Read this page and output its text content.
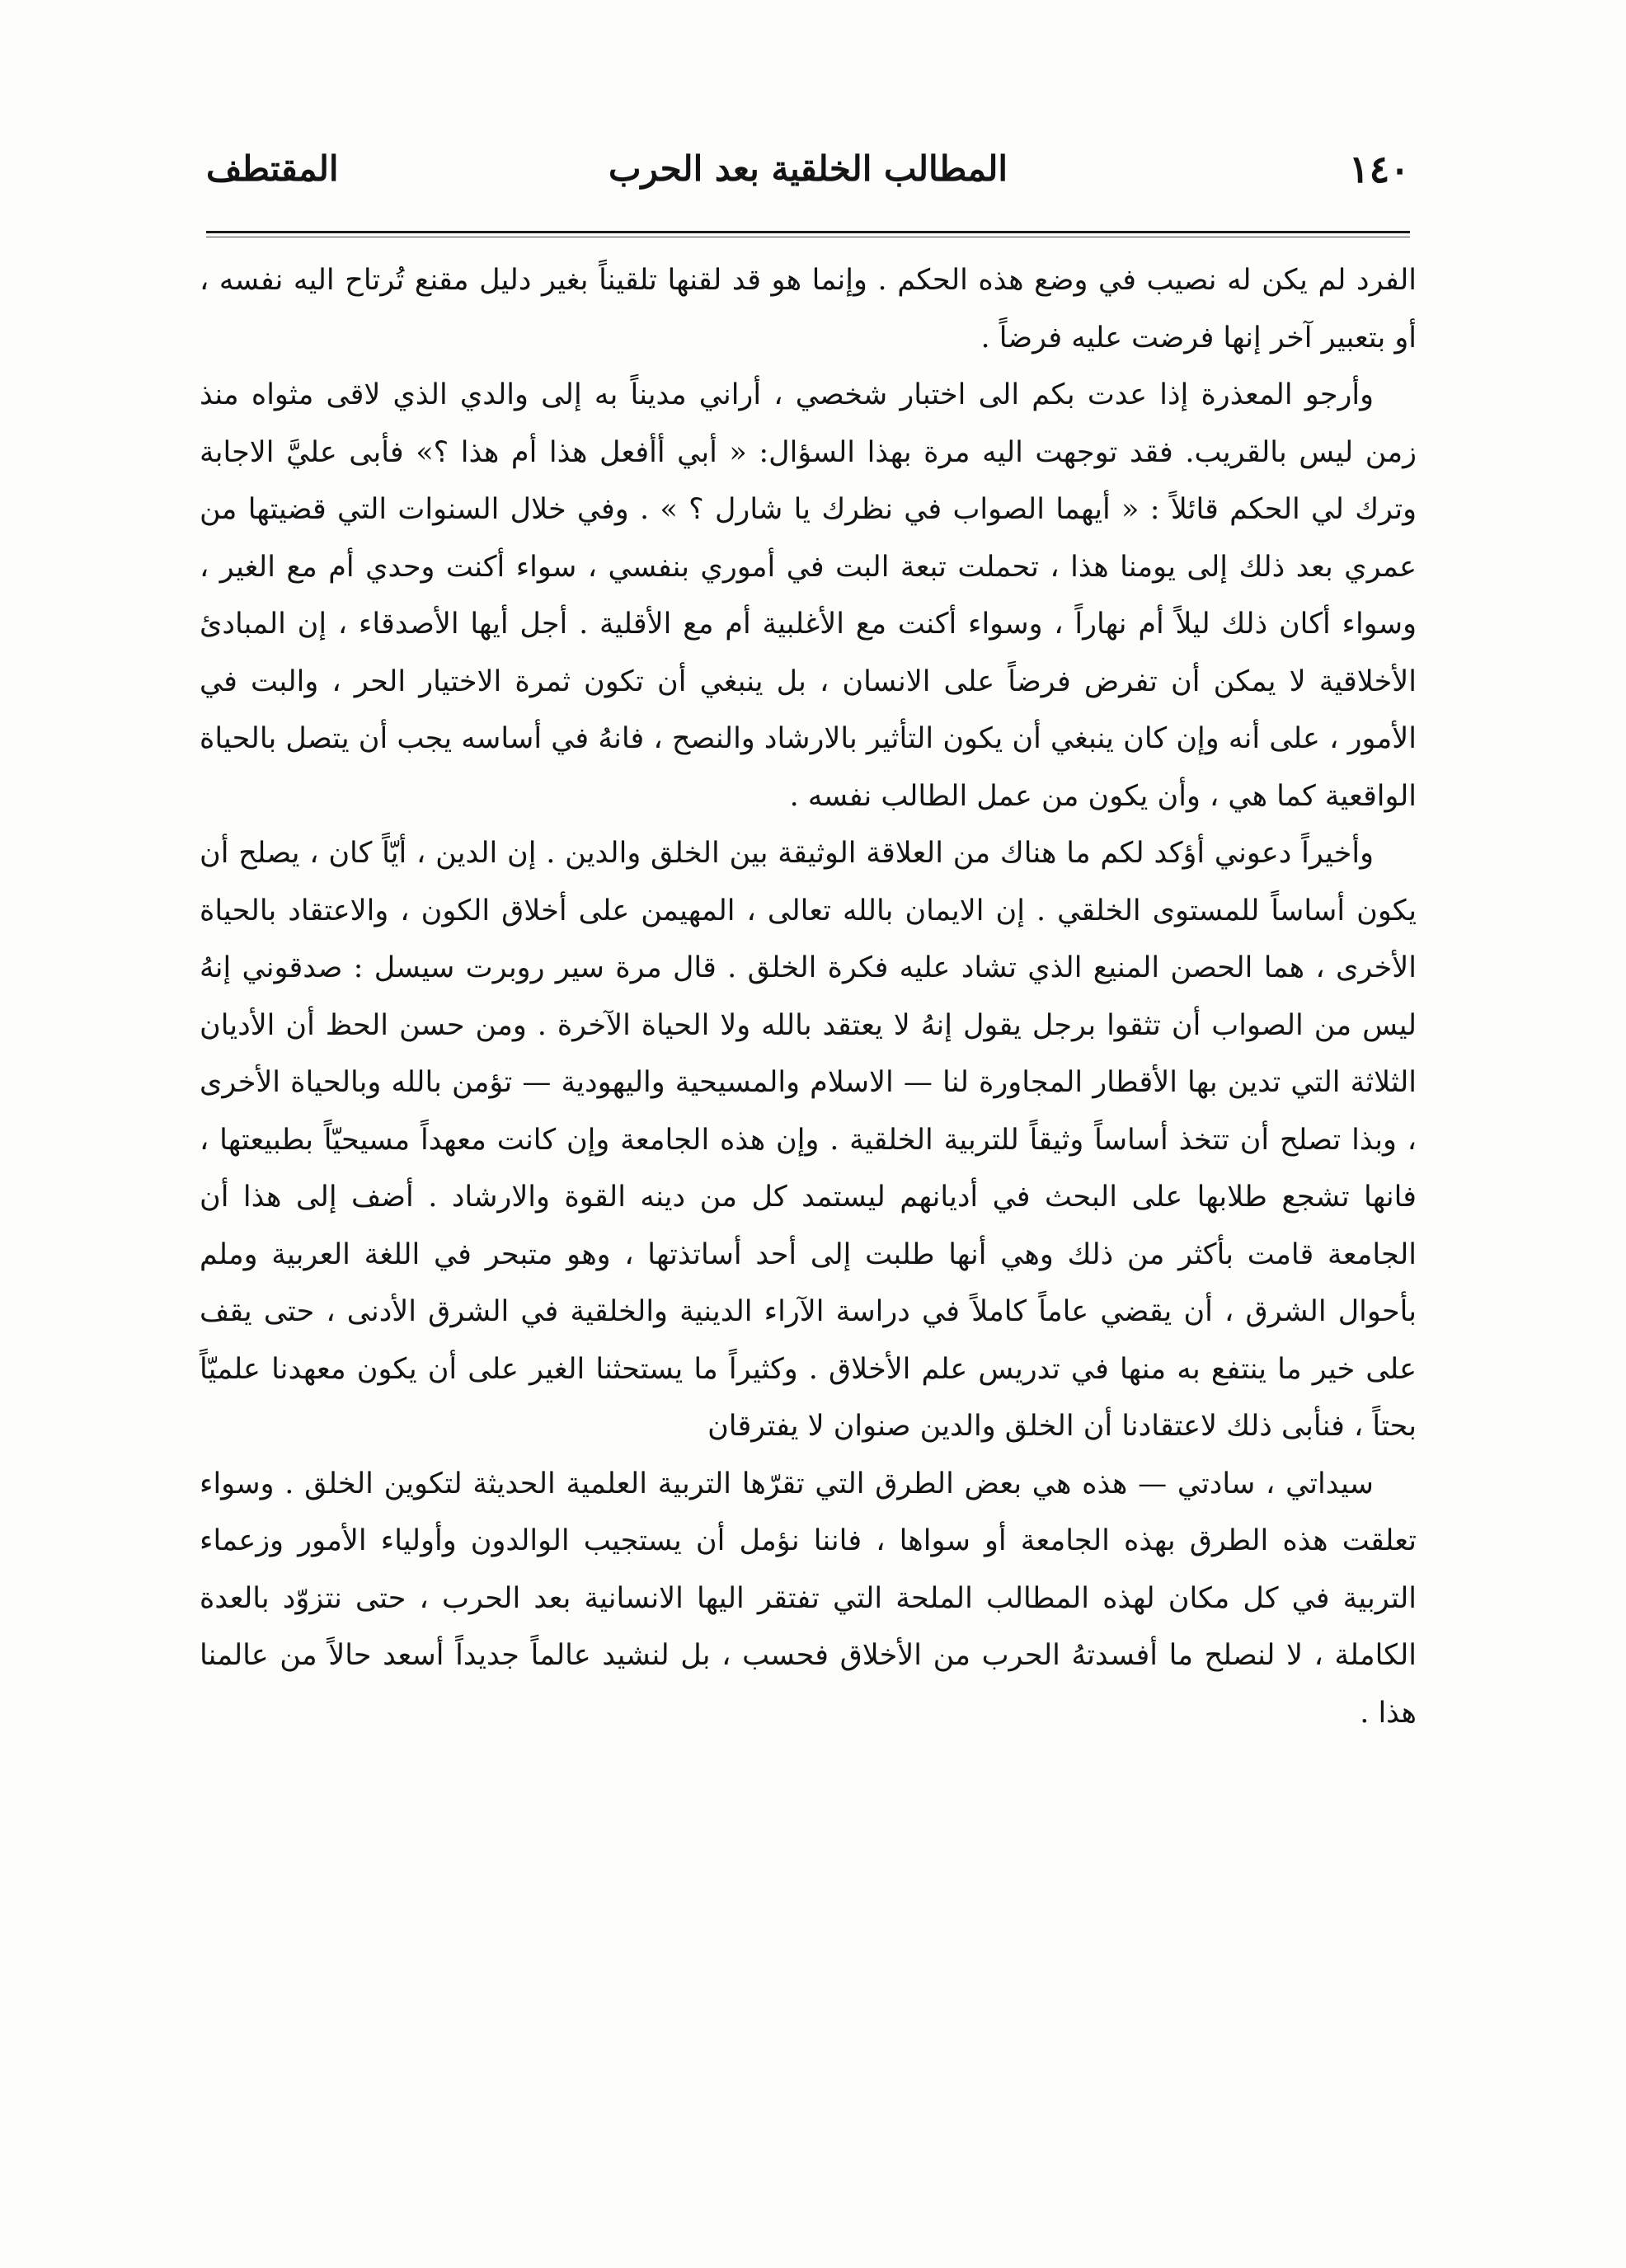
١٤٠
المطالب الخلقية بعد الحرب
المقتطف

الفرد لم يكن له نصيب في وضع هذه الحكم . وإنما هو قد لقنها تلقيناً بغير دليل مقنع تُرتاح اليه نفسه ، أو بتعبير آخر إنها فرضت عليه فرضاً .

وأرجو المعذرة إذا عدت بكم الى اختبار شخصي ، أراني مديناً به إلى والدي الذي لاقى مثواه منذ زمن ليس بالقريب. فقد توجهت اليه مرة بهذا السؤال: « أبي أأفعل هذا أم هذا ؟» فأبى عليَّ الاجابة وترك لي الحكم قائلاً : « أيهما الصواب في نظرك يا شارل ؟ » . وفي خلال السنوات التي قضيتها من عمري بعد ذلك إلى يومنا هذا ، تحملت تبعة البت في أموري بنفسي ، سواء أكنت وحدي أم مع الغير ، وسواء أكان ذلك ليلاً أم نهاراً ، وسواء أكنت مع الأغلبية أم مع الأقلية . أجل أيها الأصدقاء ، إن المبادئ الأخلاقية لا يمكن أن تفرض فرضاً على الانسان ، بل ينبغي أن تكون ثمرة الاختيار الحر ، والبت في الأمور ، على أنه وإن كان ينبغي أن يكون التأثير بالارشاد والنصح ، فانهُ في أساسه يجب أن يتصل بالحياة الواقعية كما هي ، وأن يكون من عمل الطالب نفسه .

وأخيراً دعوني أؤكد لكم ما هناك من العلاقة الوثيقة بين الخلق والدين . إن الدين ، أيّاً كان ، يصلح أن يكون أساساً للمستوى الخلقي . إن الايمان بالله تعالى ، المهيمن على أخلاق الكون ، والاعتقاد بالحياة الأخرى ، هما الحصن المنيع الذي تشاد عليه فكرة الخلق . قال مرة سير روبرت سيسل : صدقوني إنهُ ليس من الصواب أن تثقوا برجل يقول إنهُ لا يعتقد بالله ولا الحياة الآخرة . ومن حسن الحظ أن الأديان الثلاثة التي تدين بها الأقطار المجاورة لنا — الاسلام والمسيحية واليهودية — تؤمن بالله وبالحياة الأخرى ، وبذا تصلح أن تتخذ أساساً وثيقاً للتربية الخلقية . وإن هذه الجامعة وإن كانت معهداً مسيحيّاً بطبيعتها ، فانها تشجع طلابها على البحث في أديانهم ليستمد كل من دينه القوة والارشاد . أضف إلى هذا أن الجامعة قامت بأكثر من ذلك وهي أنها طلبت إلى أحد أساتذتها ، وهو متبحر في اللغة العربية وملم بأحوال الشرق ، أن يقضي عاماً كاملاً في دراسة الآراء الدينية والخلقية في الشرق الأدنى ، حتى يقف على خير ما ينتفع به منها في تدريس علم الأخلاق . وكثيراً ما يستحثنا الغير على أن يكون معهدنا علميّاً بحتاً ، فنأبى ذلك لاعتقادنا أن الخلق والدين صنوان لا يفترقان

سيداتي ، سادتي — هذه هي بعض الطرق التي تقرّها التربية العلمية الحديثة لتكوين الخلق . وسواء تعلقت هذه الطرق بهذه الجامعة أو سواها ، فاننا نؤمل أن يستجيب الوالدون وأولياء الأمور وزعماء التربية في كل مكان لهذه المطالب الملحة التي تفتقر اليها الانسانية بعد الحرب ، حتى نتزوّد بالعدة الكاملة ، لا لنصلح ما أفسدتهُ الحرب من الأخلاق فحسب ، بل لنشيد عالماً جديداً أسعد حالاً من عالمنا هذا .
